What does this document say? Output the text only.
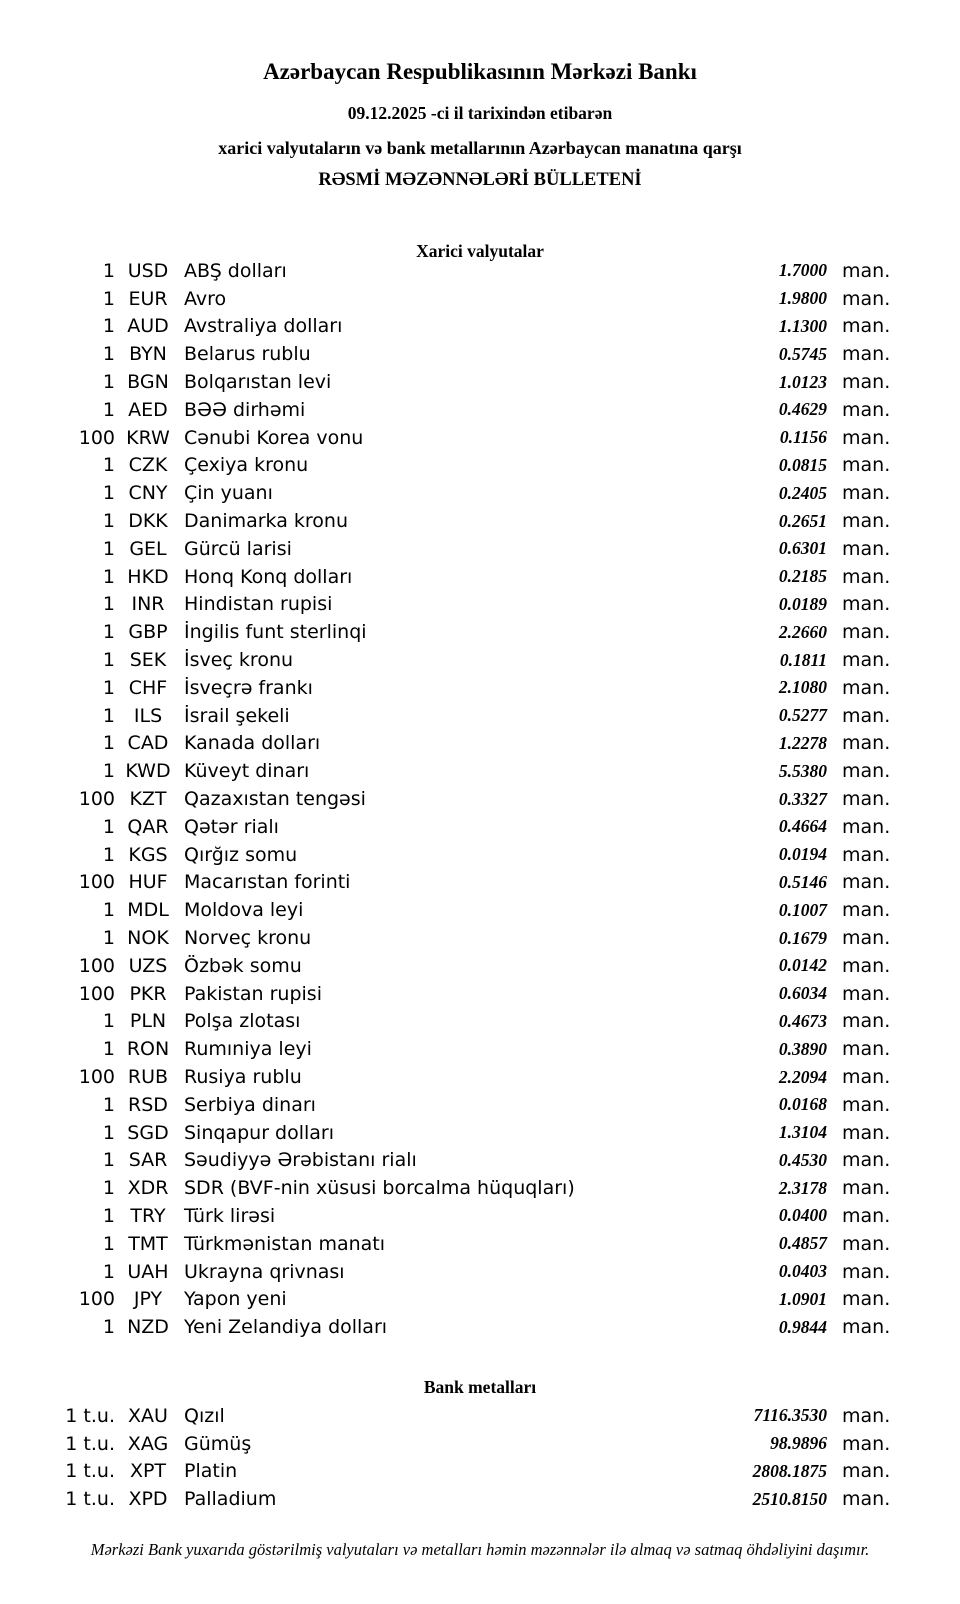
Azərbaycan Respublikasının Mərkəzi Bankı
09.12.2025 -ci il tarixindən etibarən
xarici valyutaların və bank metallarının Azərbaycan manatına qarşı
RƏSMİ MƏZƏNNƏLƏRİ BÜLLETENİ
Xarici valyutalar
1 USD ABŞ dolları	1.7000 man.
1 EUR Avro	1.9800 man.
1 AUD Avstraliya dolları	1.1300 man.
1 BYN Belarus rublu	0.5745 man.
1 BGN Bolqarıstan levi	1.0123 man.
1 AED BƏƏ dirhəmi	0.4629 man.
100 KRW Cənubi Korea vonu	0.1156 man.
1 CZK Çexiya kronu	0.0815 man.
1 CNY Çin yuanı	0.2405 man.
1 DKK Danimarka kronu	0.2651 man.
1 GEL Gürcü larisi	0.6301 man.
1 HKD Honq Konq dolları	0.2185 man.
1 INR	Hindistan rupisi	0.0189 man.
1 GBP İngilis funt sterlinqi	2.2660 man.
1 SEK İsveç kronu	0.1811 man.
1 CHF İsveçrə frankı	2.1080 man.
1 ILS	İsrail şekeli	0.5277 man.
1 CAD Kanada dolları	1.2278 man.
1 KWD Küveyt dinarı	5.5380 man.
100 KZT Qazaxıstan tengəsi	0.3327 man.
1 QAR Qətər rialı	0.4664 man.
1 KGS Qırğız somu	0.0194 man.
100 HUF Macarıstan forinti	0.5146 man.
1 MDL Moldova leyi	0.1007 man.
1 NOK Norveç kronu	0.1679 man.
100 UZS Özbək somu	0.0142 man.
100 PKR Pakistan rupisi	0.6034 man.
1 PLN Polşa zlotası	0.4673 man.
1 RON Rumıniya leyi	0.3890 man.
100 RUB Rusiya rublu	2.2094 man.
1 RSD Serbiya dinarı	0.0168 man.
1 SGD Sinqapur dolları	1.3104 man.
1 SAR Səudiyyə Ərəbistanı rialı	0.4530 man.
1 XDR SDR (BVF-nin xüsusi borcalma hüquqları)	2.3178 man.
1 TRY Türk lirəsi	0.0400 man.
1 TMT Türkmənistan manatı	0.4857 man.
1 UAH Ukrayna qrivnası	0.0403 man.
100 JPY	Yapon yeni	1.0901 man.
1 NZD Yeni Zelandiya dolları	0.9844 man.
Bank metalları
1 t.u. XAU Qızıl	7116.3530 man.
1 t.u. XAG Gümüş	98.9896 man.
1 t.u. XPT Platin	2808.1875 man.
1 t.u. XPD Palladium	2510.8150 man.
Mərkəzi Bank yuxarıda göstərilmiş valyutaları və metalları həmin məzənnələr ilə almaq və satmaq öhdəliyini daşımır.
